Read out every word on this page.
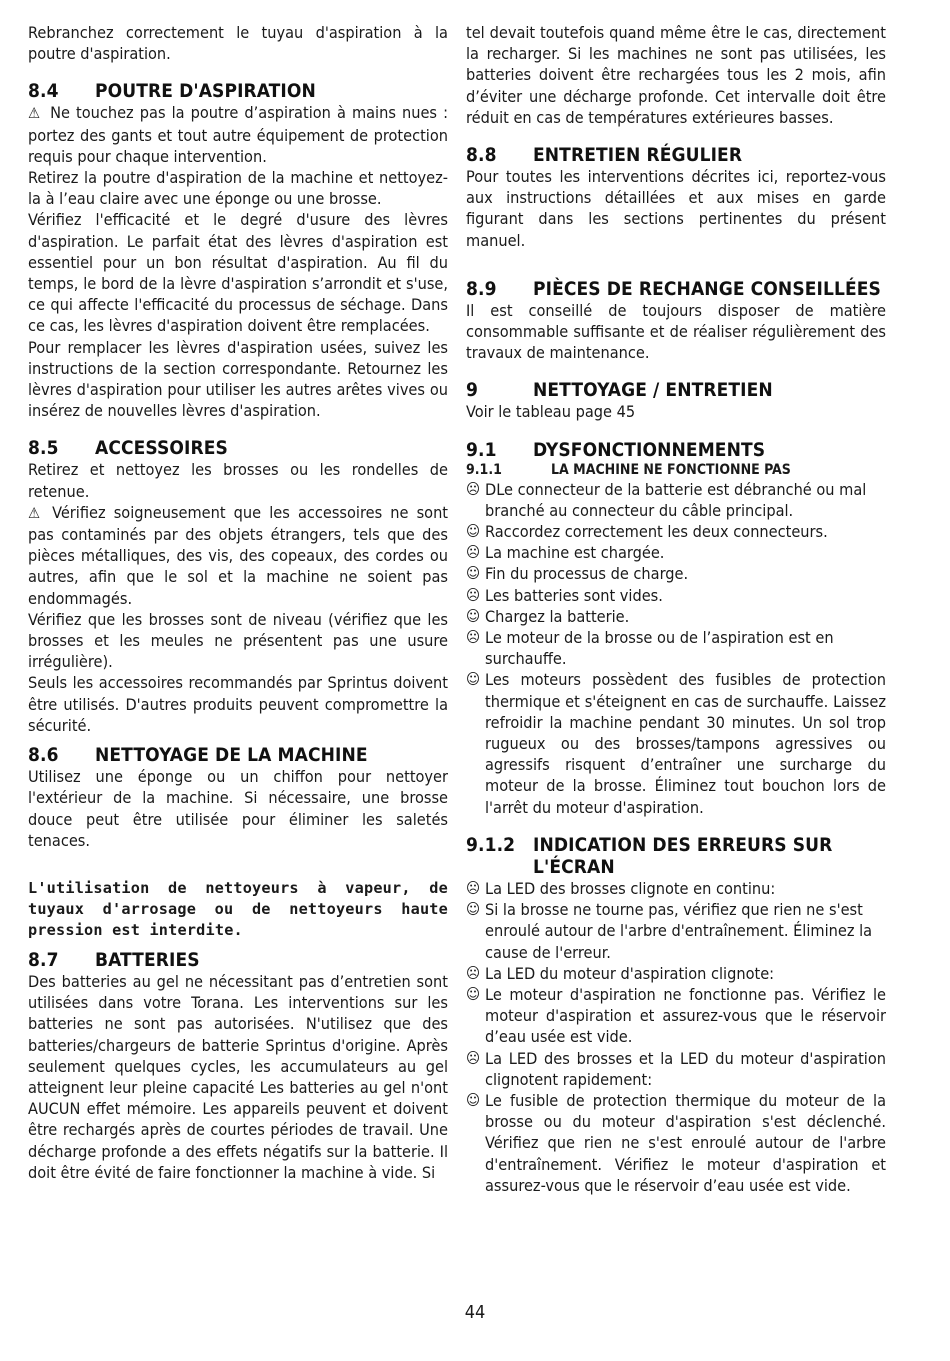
Rebranchez correctement le tuyau d'aspiration à la poutre d'aspiration.

8.4	POUTRE D'ASPIRATION

⚠ Ne touchez pas la poutre d’aspiration à mains nues : portez des gants et tout autre équipement de protection requis pour chaque intervention.

Retirez la poutre d'aspiration de la machine et nettoyez-la à l’eau claire avec une éponge ou une brosse.

Vérifiez l'efficacité et le degré d'usure des lèvres d'aspiration. Le parfait état des lèvres d'aspiration est essentiel pour un bon résultat d'aspiration. Au fil du temps, le bord de la lèvre d'aspiration s’arrondit et s'use, ce qui affecte l'efficacité du processus de séchage. Dans ce cas, les lèvres d'aspiration doivent être remplacées.

Pour remplacer les lèvres d'aspiration usées, suivez les instructions de la section correspondante. Retournez les lèvres d'aspiration pour utiliser les autres arêtes vives ou insérez de nouvelles lèvres d'aspiration.

8.5	ACCESSOIRES

Retirez et nettoyez les brosses ou les rondelles de retenue.

⚠ Vérifiez soigneusement que les accessoires ne sont pas contaminés par des objets étrangers, tels que des pièces métalliques, des vis, des copeaux, des cordes ou autres, afin que le sol et la machine ne soient pas endommagés.

Vérifiez que les brosses sont de niveau (vérifiez que les brosses et les meules ne présentent pas une usure irrégulière).

Seuls les accessoires recommandés par Sprintus doivent être utilisés. D'autres produits peuvent compromettre la sécurité.

8.6	NETTOYAGE DE LA MACHINE

Utilisez une éponge ou un chiffon pour nettoyer l'extérieur de la machine. Si nécessaire, une brosse douce peut être utilisée pour éliminer les saletés tenaces.

L'utilisation de nettoyeurs à vapeur, de tuyaux d'arrosage ou de nettoyeurs haute pression est interdite.

8.7	BATTERIES

Des batteries au gel ne nécessitant pas d’entretien sont utilisées dans votre Torana. Les interventions sur les batteries ne sont pas autorisées. N'utilisez que des batteries/chargeurs de batterie Sprintus d'origine. Après seulement quelques cycles, les accumulateurs au gel atteignent leur pleine capacité Les batteries au gel n'ont AUCUN effet mémoire. Les appareils peuvent et doivent être rechargés après de courtes périodes de travail. Une décharge profonde a des effets négatifs sur la batterie. Il doit être évité de faire fonctionner la machine à vide. Si

tel devait toutefois quand même être le cas, directement la recharger. Si les machines ne sont pas utilisées, les batteries doivent être rechargées tous les 2 mois, afin d’éviter une décharge profonde. Cet intervalle doit être réduit en cas de températures extérieures basses.

8.8	ENTRETIEN RÉGULIER

Pour toutes les interventions décrites ici, reportez-vous aux instructions détaillées et aux mises en garde figurant dans les sections pertinentes du présent manuel.

8.9	PIÈCES DE RECHANGE CONSEILLÉES

Il est conseillé de toujours disposer de matière consommable suffisante et de réaliser régulièrement des travaux de maintenance.

9	NETTOYAGE / ENTRETIEN

Voir le tableau page 45

9.1	DYSFONCTIONNEMENTS
9.1.1	LA MACHINE NE FONCTIONNE PAS
☹ DLe connecteur de la batterie est débranché ou mal branché au connecteur du câble principal.
☺ Raccordez correctement les deux connecteurs.
☹ La machine est chargée.
☺ Fin du processus de charge.
☹ Les batteries sont vides.
☺ Chargez la batterie.
☹ Le moteur de la brosse ou de l’aspiration est en surchauffe.
☺ Les moteurs possèdent des fusibles de protection thermique et s'éteignent en cas de surchauffe. Laissez refroidir la machine pendant 30 minutes. Un sol trop rugueux ou des brosses/tampons agressives ou agressifs risquent d’entraîner une surcharge du moteur de la brosse. Éliminez tout bouchon lors de l'arrêt du moteur d'aspiration.
9.1.2 INDICATION DES ERREURS SUR L'ÉCRAN
☹ La LED des brosses clignote en continu:
☺ Si la brosse ne tourne pas, vérifiez que rien ne s'est enroulé autour de l'arbre d'entraînement. Éliminez la cause de l'erreur.
☹ La LED du moteur d'aspiration clignote:
☺ Le moteur d'aspiration ne fonctionne pas. Vérifiez le moteur d'aspiration et assurez-vous que le réservoir d’eau usée est vide.
☹ La LED des brosses et la LED du moteur d'aspiration clignotent rapidement:
☺ Le fusible de protection thermique du moteur de la brosse ou du moteur d'aspiration s'est déclenché. Vérifiez que rien ne s'est enroulé autour de l'arbre d'entraînement. Vérifiez le moteur d'aspiration et assurez-vous que le réservoir d’eau usée est vide.
44
